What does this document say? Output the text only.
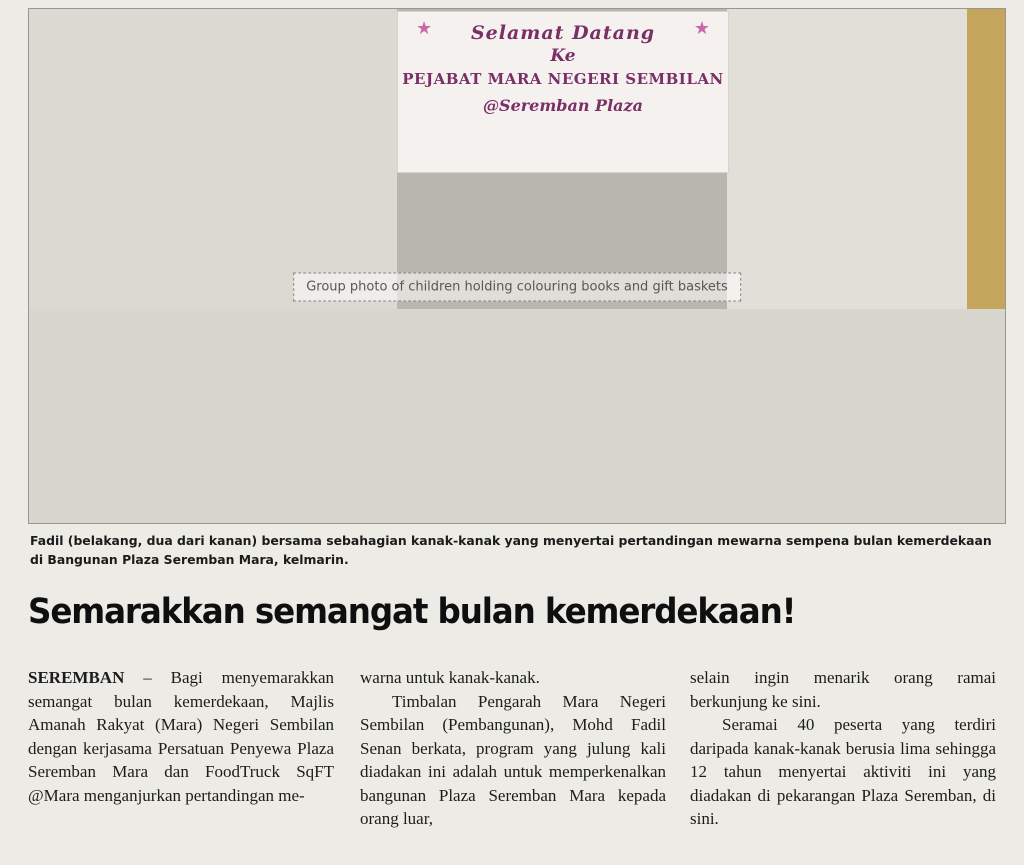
★	★
Selamat Datang
Ke
PEJABAT MARA NEGERI SEMBILAN
@Seremban Plaza
Group photo of children holding colouring books and gift baskets
Fadil (belakang, dua dari kanan) bersama sebahagian kanak-kanak yang menyertai pertandingan mewarna sempena bulan kemerdekaan di Bangunan Plaza Seremban Mara, kelmarin.
Semarakkan semangat bulan kemerdekaan!

SEREMBAN – Bagi menyemarakkan semangat bulan kemerdekaan, Majlis Amanah Rakyat (Mara) Negeri Sembilan dengan kerjasama Persatuan Penyewa Plaza Seremban Mara dan FoodTruck SqFT @Mara menganjurkan pertandingan me-

warna untuk kanak-kanak.

Timbalan Pengarah Mara Negeri Sembilan (Pembangunan), Mohd Fadil Senan berkata, program yang julung kali diadakan ini adalah untuk memperkenalkan bangunan Plaza Seremban Mara kepada orang luar,

selain ingin menarik orang ramai berkunjung ke sini.

Seramai 40 peserta yang terdiri daripada kanak-kanak berusia lima sehingga 12 tahun menyertai aktiviti ini yang diadakan di pekarangan Plaza Seremban, di sini.
